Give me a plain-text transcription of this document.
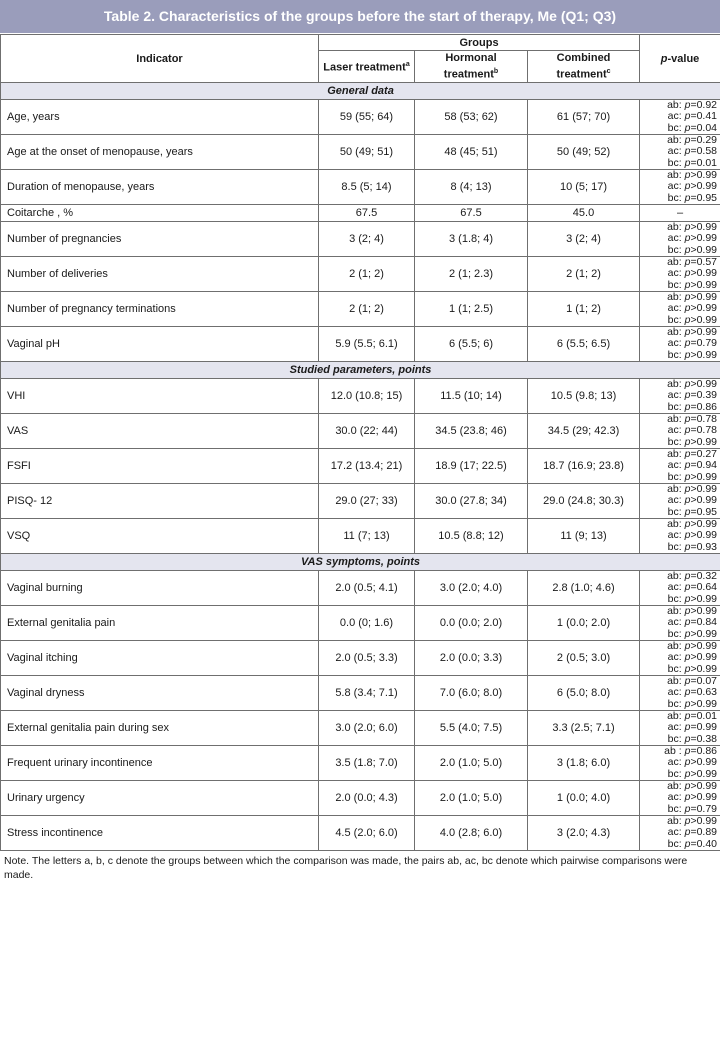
Table 2. Characteristics of the groups before the start of therapy, Me (Q1; Q3)
Indicator	Groups			p-value
	Laser treatment$^a$	Hormonal treatment$^b$	Combined treatment$^c$
General data				
Age, years	59 (55; 64)	58 (53; 62)	61 (57; 70)	ab: p=0.92
ac: p=0.41
bc: p=0.04

Age at the onset of menopause, years	50 (49; 51)	48 (45; 51)	50 (49; 52)	ab: p=0.29
ac: p=0.58
bc: p=0.01

Duration of menopause, years	8.5 (5; 14)	8 (4; 13)	10 (5; 17)	ab: p>0.99
ac: p>0.99
bc: p=0.95

Coitarche , %	67.5	67.5	45.0	–

Number of pregnancies	3 (2; 4)	3 (1.8; 4)	3 (2; 4)	ab: p>0.99
ac: p>0.99
bc: p>0.99

Number of deliveries	2 (1; 2)	2 (1; 2.3)	2 (1; 2)	ab: p=0.57
ac: p>0.99
bc: p>0.99

Number of pregnancy terminations	2 (1; 2)	1 (1; 2.5)	1 (1; 2)	ab: p>0.99
ac: p>0.99
bc: p>0.99

Vaginal pH	5.9 (5.5; 6.1)	6 (5.5; 6)	6 (5.5; 6.5)	ab: p>0.99
ac: p=0.79
bc: p>0.99

Studied parameters, points				
VHI	12.0 (10.8; 15)	11.5 (10; 14)	10.5 (9.8; 13)	ab: p>0.99
ac: p=0.39
bc: p=0.86

VAS	30.0 (22; 44)	34.5 (23.8; 46)	34.5 (29; 42.3)	ab: p=0.78
ac: p=0.78
bc: p>0.99

FSFI	17.2 (13.4; 21)	18.9 (17; 22.5)	18.7 (16.9; 23.8)	ab: p=0.27
ac: p=0.94
bc: p>0.99

PISQ- 12	29.0 (27; 33)	30.0 (27.8; 34)	29.0 (24.8; 30.3)	ab: p>0.99
ac: p>0.99
bc: p=0.95

VSQ	11 (7; 13)	10.5 (8.8; 12)	11 (9; 13)	ab: p>0.99
ac: p>0.99
bc: p=0.93

VAS symptoms, points				
Vaginal burning	2.0 (0.5; 4.1)	3.0 (2.0; 4.0)	2.8 (1.0; 4.6)	ab: p=0.32
ac: p=0.64
bc: p>0.99

External genitalia pain	0.0 (0; 1.6)	0.0 (0.0; 2.0)	1 (0.0; 2.0)	ab: p>0.99
ac: p=0.84
bc: p>0.99

Vaginal itching	2.0 (0.5; 3.3)	2.0 (0.0; 3.3)	2 (0.5; 3.0)	ab: p>0.99
ac: p>0.99
bc: p>0.99

Vaginal dryness	5.8 (3.4; 7.1)	7.0 (6.0; 8.0)	6 (5.0; 8.0)	ab: p=0.07
ac: p=0.63
bc: p>0.99

External genitalia pain during sex	3.0 (2.0; 6.0)	5.5 (4.0; 7.5)	3.3 (2.5; 7.1)	ab: p=0.01
ac: p=0.99
bc: p=0.38

Frequent urinary incontinence	3.5 (1.8; 7.0)	2.0 (1.0; 5.0)	3 (1.8; 6.0)	ab : p=0.86
ac: p>0.99
bc: p>0.99

Urinary urgency	2.0 (0.0; 4.3)	2.0 (1.0; 5.0)	1 (0.0; 4.0)	ab: p>0.99
ac: p>0.99
bc: p=0.79

Stress incontinence	4.5 (2.0; 6.0)	4.0 (2.8; 6.0)	3 (2.0; 4.3)	ab: p>0.99
ac: p=0.89
bc: p=0.40
Note. The letters a, b, c denote the groups between which the comparison was made, the pairs ab, ac, bc denote which pairwise comparisons were made.
